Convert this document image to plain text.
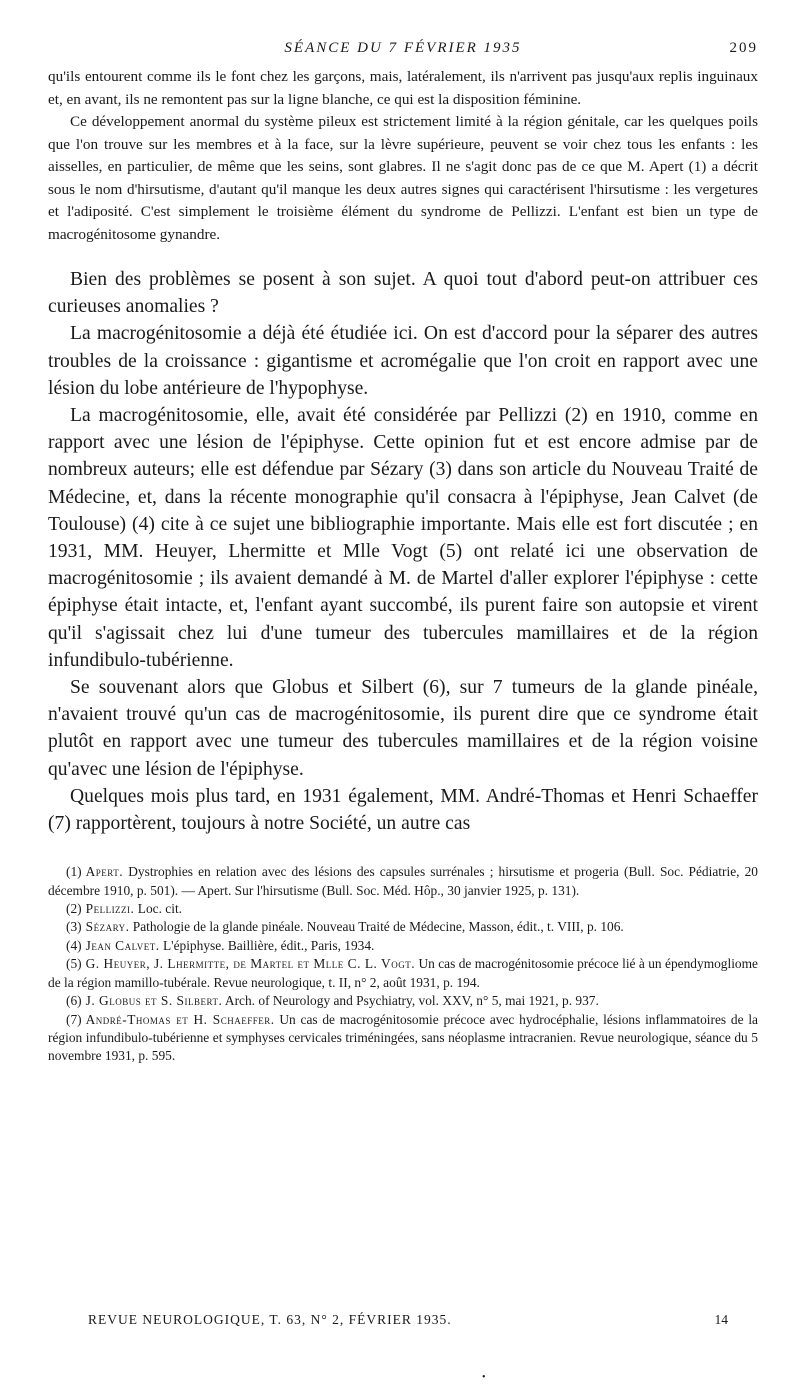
SÉANCE DU 7 FÉVRIER 1935	209

qu'ils entourent comme ils le font chez les garçons, mais, latéralement, ils n'arrivent pas jusqu'aux replis inguinaux et, en avant, ils ne remontent pas sur la ligne blanche, ce qui est la disposition féminine.

Ce développement anormal du système pileux est strictement limité à la région génitale, car les quelques poils que l'on trouve sur les membres et à la face, sur la lèvre supérieure, peuvent se voir chez tous les enfants : les aisselles, en particulier, de même que les seins, sont glabres. Il ne s'agit donc pas de ce que M. Apert (1) a décrit sous le nom d'hirsutisme, d'autant qu'il manque les deux autres signes qui caractérisent l'hirsutisme : les vergetures et l'adiposité. C'est simplement le troisième élément du syndrome de Pellizzi. L'enfant est bien un type de macrogénitosome gynandre.

Bien des problèmes se posent à son sujet. A quoi tout d'abord peut-on attribuer ces curieuses anomalies ?

La macrogénitosomie a déjà été étudiée ici. On est d'accord pour la séparer des autres troubles de la croissance : gigantisme et acromégalie que l'on croit en rapport avec une lésion du lobe antérieure de l'hypophyse.

La macrogénitosomie, elle, avait été considérée par Pellizzi (2) en 1910, comme en rapport avec une lésion de l'épiphyse. Cette opinion fut et est encore admise par de nombreux auteurs; elle est défendue par Sézary (3) dans son article du Nouveau Traité de Médecine, et, dans la récente monographie qu'il consacra à l'épiphyse, Jean Calvet (de Toulouse) (4) cite à ce sujet une bibliographie importante. Mais elle est fort discutée ; en 1931, MM. Heuyer, Lhermitte et Mlle Vogt (5) ont relaté ici une observation de macrogénitosomie ; ils avaient demandé à M. de Martel d'aller explorer l'épiphyse : cette épiphyse était intacte, et, l'enfant ayant succombé, ils purent faire son autopsie et virent qu'il s'agissait chez lui d'une tumeur des tubercules mamillaires et de la région infundibulo-tubérienne.

Se souvenant alors que Globus et Silbert (6), sur 7 tumeurs de la glande pinéale, n'avaient trouvé qu'un cas de macrogénitosomie, ils purent dire que ce syndrome était plutôt en rapport avec une tumeur des tubercules mamillaires et de la région voisine qu'avec une lésion de l'épiphyse.

Quelques mois plus tard, en 1931 également, MM. André-Thomas et Henri Schaeffer (7) rapportèrent, toujours à notre Société, un autre cas

(1) Apert. Dystrophies en relation avec des lésions des capsules surrénales ; hirsutisme et progeria (Bull. Soc. Pédiatrie, 20 décembre 1910, p. 501). — Apert. Sur l'hirsutisme (Bull. Soc. Méd. Hôp., 30 janvier 1925, p. 131).

(2) Pellizzi. Loc. cit.

(3) Sézary. Pathologie de la glande pinéale. Nouveau Traité de Médecine, Masson, édit., t. VIII, p. 106.

(4) Jean Calvet. L'épiphyse. Baillière, édit., Paris, 1934.

(5) G. Heuyer, J. Lhermitte, de Martel et Mlle C. L. Vogt. Un cas de macrogénitosomie précoce lié à un épendymogliome de la région mamillo-tubérale. Revue neurologique, t. II, n° 2, août 1931, p. 194.

(6) J. Globus et S. Silbert. Arch. of Neurology and Psychiatry, vol. XXV, n° 5, mai 1921, p. 937.

(7) André-Thomas et H. Schaeffer. Un cas de macrogénitosomie précoce avec hydrocéphalie, lésions inflammatoires de la région infundibulo-tubérienne et symphyses cervicales triméningées, sans néoplasme intracranien. Revue neurologique, séance du 5 novembre 1931, p. 595.

REVUE NEUROLOGIQUE, T. 63, N° 2, FÉVRIER 1935.	14
•
